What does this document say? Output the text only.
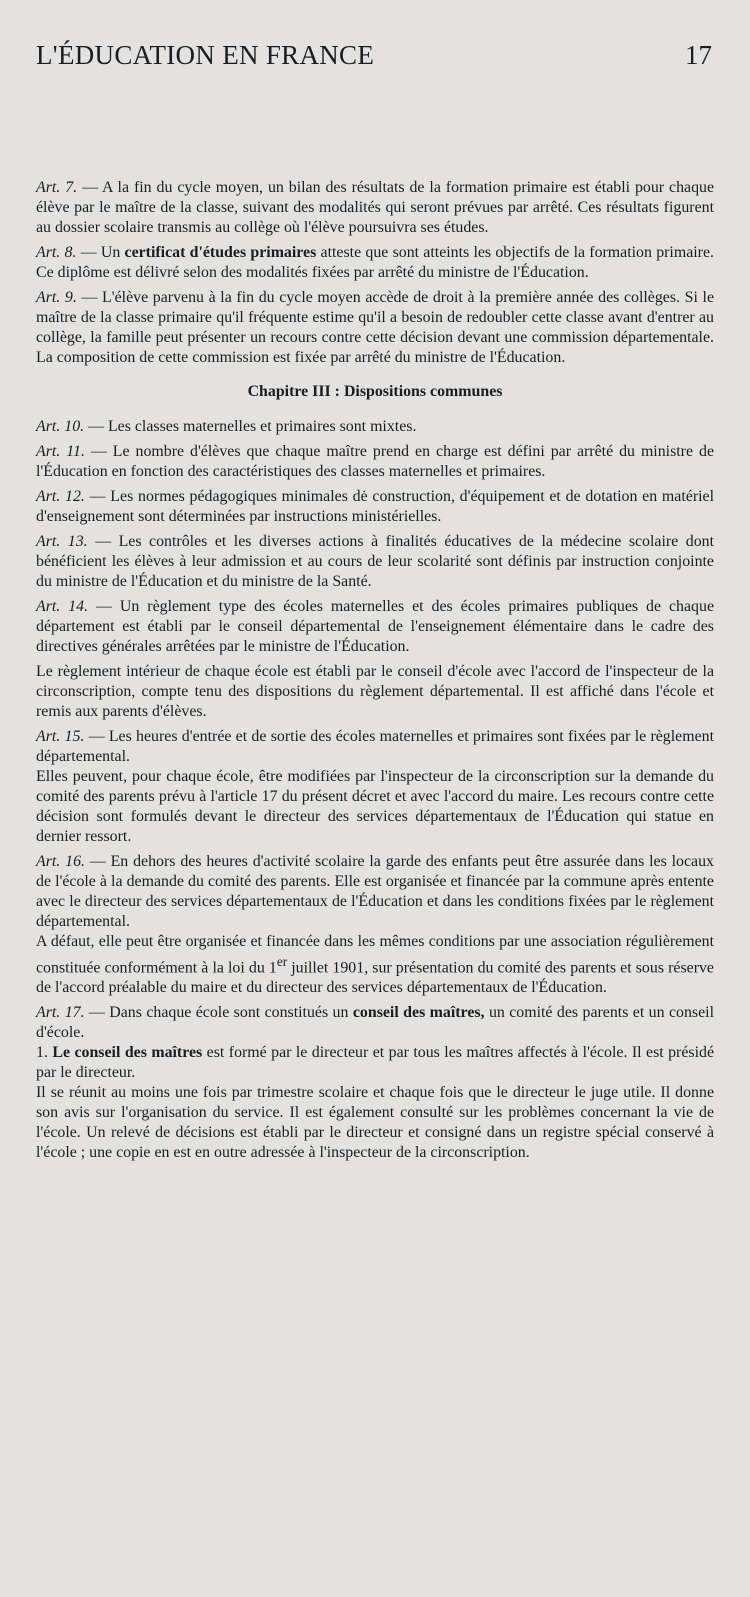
L'ÉDUCATION EN FRANCE	17

Art. 7. — A la fin du cycle moyen, un bilan des résultats de la formation primaire est établi pour chaque élève par le maître de la classe, suivant des modalités qui seront prévues par arrêté. Ces résultats figurent au dossier scolaire transmis au collège où l'élève poursuivra ses études.

Art. 8. — Un certificat d'études primaires atteste que sont atteints les objectifs de la formation primaire. Ce diplôme est délivré selon des modalités fixées par arrêté du ministre de l'Éducation.

Art. 9. — L'élève parvenu à la fin du cycle moyen accède de droit à la première année des collèges. Si le maître de la classe primaire qu'il fréquente estime qu'il a besoin de redoubler cette classe avant d'entrer au collège, la famille peut présenter un recours contre cette décision devant une commission départementale. La composition de cette commission est fixée par arrêté du ministre de l'Éducation.

Chapitre III : Dispositions communes

Art. 10. — Les classes maternelles et primaires sont mixtes.

Art. 11. — Le nombre d'élèves que chaque maître prend en charge est défini par arrêté du ministre de l'Éducation en fonction des caractéristiques des classes maternelles et primaires.

Art. 12. — Les normes pédagogiques minimales dė construction, d'équipement et de dotation en matériel d'enseignement sont déterminées par instructions ministérielles.

Art. 13. — Les contrôles et les diverses actions à finalités éducatives de la médecine scolaire dont bénéficient les élèves à leur admission et au cours de leur scolarité sont définis par instruction conjointe du ministre de l'Éducation et du ministre de la Santé.

Art. 14. — Un règlement type des écoles maternelles et des écoles primaires publiques de chaque département est établi par le conseil départemental de l'enseignement élémentaire dans le cadre des directives générales arrêtées par le ministre de l'Éducation.

Le règlement intérieur de chaque école est établi par le conseil d'école avec l'accord de l'inspecteur de la circonscription, compte tenu des dispositions du règlement départemental. Il est affiché dans l'école et remis aux parents d'élèves.

Art. 15. — Les heures d'entrée et de sortie des écoles maternelles et primaires sont fixées par le règlement départemental.

Elles peuvent, pour chaque école, être modifiées par l'inspecteur de la circonscription sur la demande du comité des parents prévu à l'article 17 du présent décret et avec l'accord du maire. Les recours contre cette décision sont formulés devant le directeur des services départementaux de l'Éducation qui statue en dernier ressort.

Art. 16. — En dehors des heures d'activité scolaire la garde des enfants peut être assurée dans les locaux de l'école à la demande du comité des parents. Elle est organisée et financée par la commune après entente avec le directeur des services départementaux de l'Éducation et dans les conditions fixées par le règlement départemental.

A défaut, elle peut être organisée et financée dans les mêmes conditions par une association régulièrement constituée conformément à la loi du 1er juillet 1901, sur présentation du comité des parents et sous réserve de l'accord préalable du maire et du directeur des services départementaux de l'Éducation.

Art. 17. — Dans chaque école sont constitués un conseil des maîtres, un comité des parents et un conseil d'école.

1. Le conseil des maîtres est formé par le directeur et par tous les maîtres affectés à l'école. Il est présidé par le directeur.

Il se réunit au moins une fois par trimestre scolaire et chaque fois que le directeur le juge utile. Il donne son avis sur l'organisation du service. Il est également consulté sur les problèmes concernant la vie de l'école. Un relevé de décisions est établi par le directeur et consigné dans un registre spécial conservé à l'école ; une copie en est en outre adressée à l'inspecteur de la circonscription.
